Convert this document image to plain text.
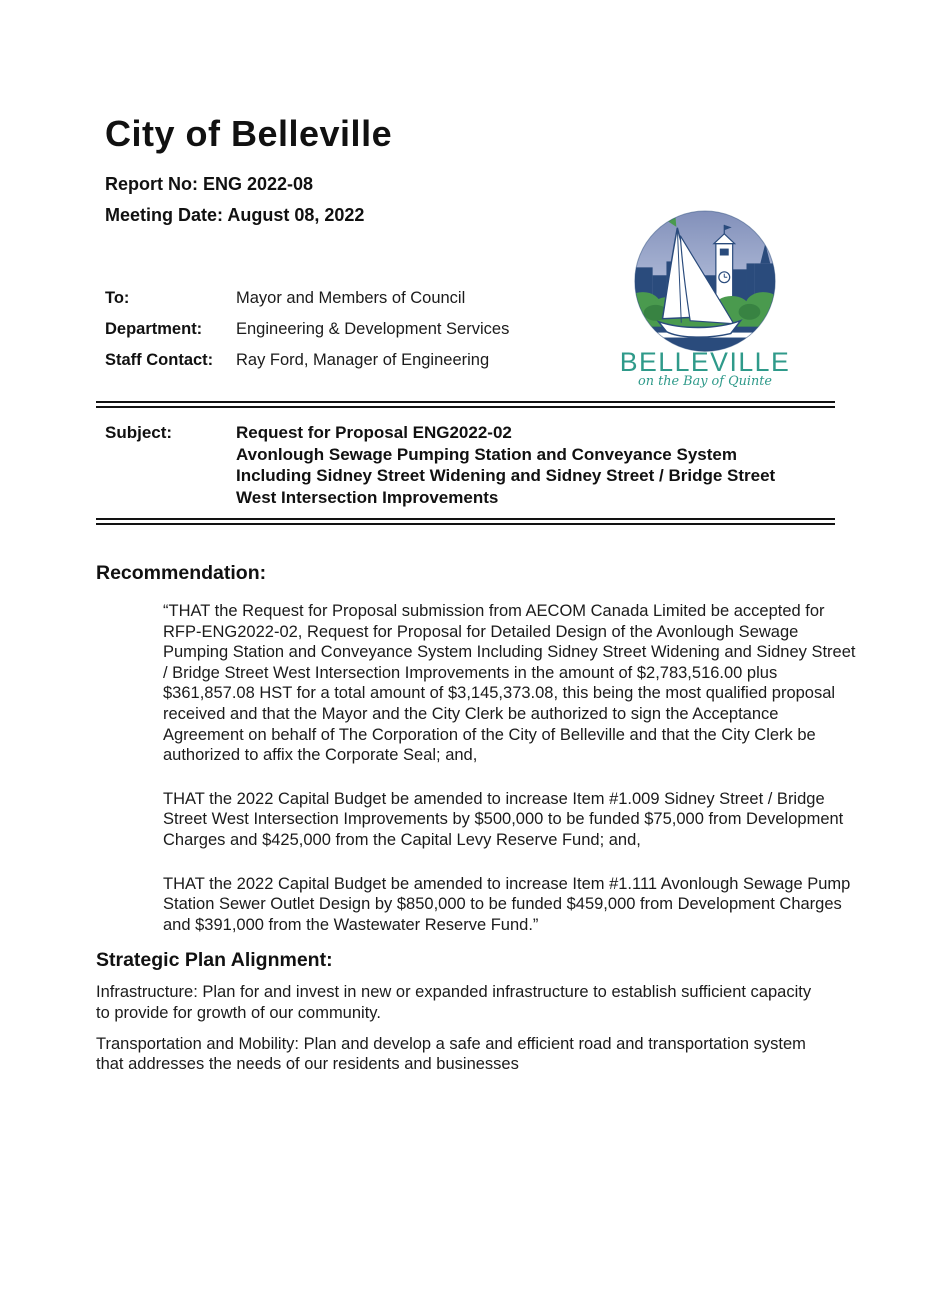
BELLEVILLE
on the Bay of Quinte
City of Belleville
Report No: ENG 2022-08
Meeting Date: August 08, 2022
To:	Mayor and Members of Council
Department:	Engineering & Development Services
Staff Contact:	Ray Ford, Manager of Engineering
Subject:	Request for Proposal ENG2022-02
Avonlough Sewage Pumping Station and Conveyance System Including Sidney Street Widening and Sidney Street / Bridge Street West Intersection Improvements
Recommendation:

“THAT the Request for Proposal submission from AECOM Canada Limited be accepted for RFP-ENG2022-02, Request for Proposal for Detailed Design of the Avonlough Sewage Pumping Station and Conveyance System Including Sidney Street Widening and Sidney Street / Bridge Street West Intersection Improvements in the amount of $2,783,516.00 plus $361,857.08 HST for a total amount of $3,145,373.08, this being the most qualified proposal received and that the Mayor and the City Clerk be authorized to sign the Acceptance Agreement on behalf of The Corporation of the City of Belleville and that the City Clerk be authorized to affix the Corporate Seal; and,

THAT the 2022 Capital Budget be amended to increase Item #1.009 Sidney Street / Bridge Street West Intersection Improvements by $500,000 to be funded $75,000 from Development Charges and $425,000 from the Capital Levy Reserve Fund; and,

THAT the 2022 Capital Budget be amended to increase Item #1.111 Avonlough Sewage Pump Station Sewer Outlet Design by $850,000 to be funded $459,000 from Development Charges and $391,000 from the Wastewater Reserve Fund.”

Strategic Plan Alignment:

Infrastructure: Plan for and invest in new or expanded infrastructure to establish sufficient capacity to provide for growth of our community.

Transportation and Mobility: Plan and develop a safe and efficient road and transportation system that addresses the needs of our residents and businesses
